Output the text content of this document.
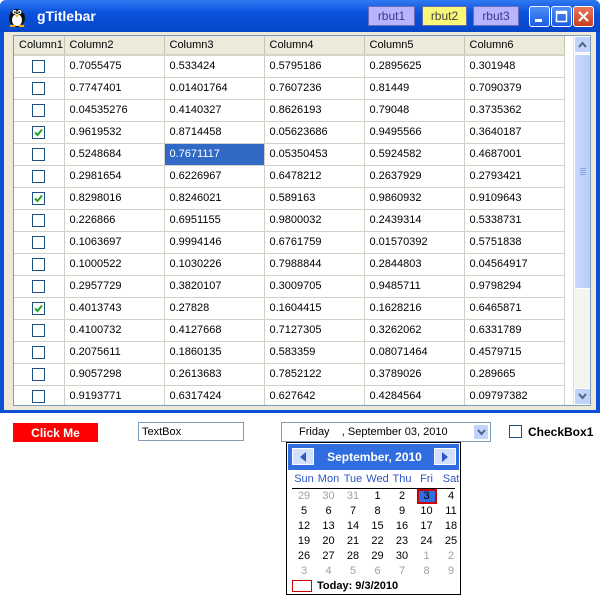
gTitlebar	rbut1	rbut2	rbut3
Column1	Column2	Column3	Column4	Column5	Column6
	0.7055475	0.533424	0.5795186	0.2895625	0.301948
	0.7747401	0.01401764	0.7607236	0.81449	0.7090379
	0.04535276	0.4140327	0.8626193	0.79048	0.3735362

	0.9619532	0.8714458	0.05623686	0.9495566	0.3640187
	0.5248684	0.7671117	0.05350453	0.5924582	0.4687001
	0.2981654	0.6226967	0.6478212	0.2637929	0.2793421

	0.8298016	0.8246021	0.589163	0.9860932	0.9109643
	0.226866	0.6951155	0.9800032	0.2439314	0.5338731
	0.1063697	0.9994146	0.6761759	0.01570392	0.5751838
	0.1000522	0.1030226	0.7988844	0.2844803	0.04564917
	0.2957729	0.3820107	0.3009705	0.9485711	0.9798294

	0.4013743	0.27828	0.1604415	0.1628216	0.6465871
	0.4100732	0.4127668	0.7127305	0.3262062	0.6331789
	0.2075611	0.1860135	0.583359	0.08071464	0.4579715
	0.9057298	0.2613683	0.7852122	0.3789026	0.289665
	0.9193771	0.6317424	0.627642	0.4284564	0.09797382
Click Me
TextBox	Friday    , September 03, 2010	CheckBox1
September, 2010
Sun Mon Tue Wed Thu Fri Sat
29	30	31	1	2	3	4
5	6	7	8	9	10	11
12	13	14	15	16	17	18
19	20	21	22	23	24	25
26	27	28	29	30	1	2
3	4	5	6	7	8	9
Today: 9/3/2010
